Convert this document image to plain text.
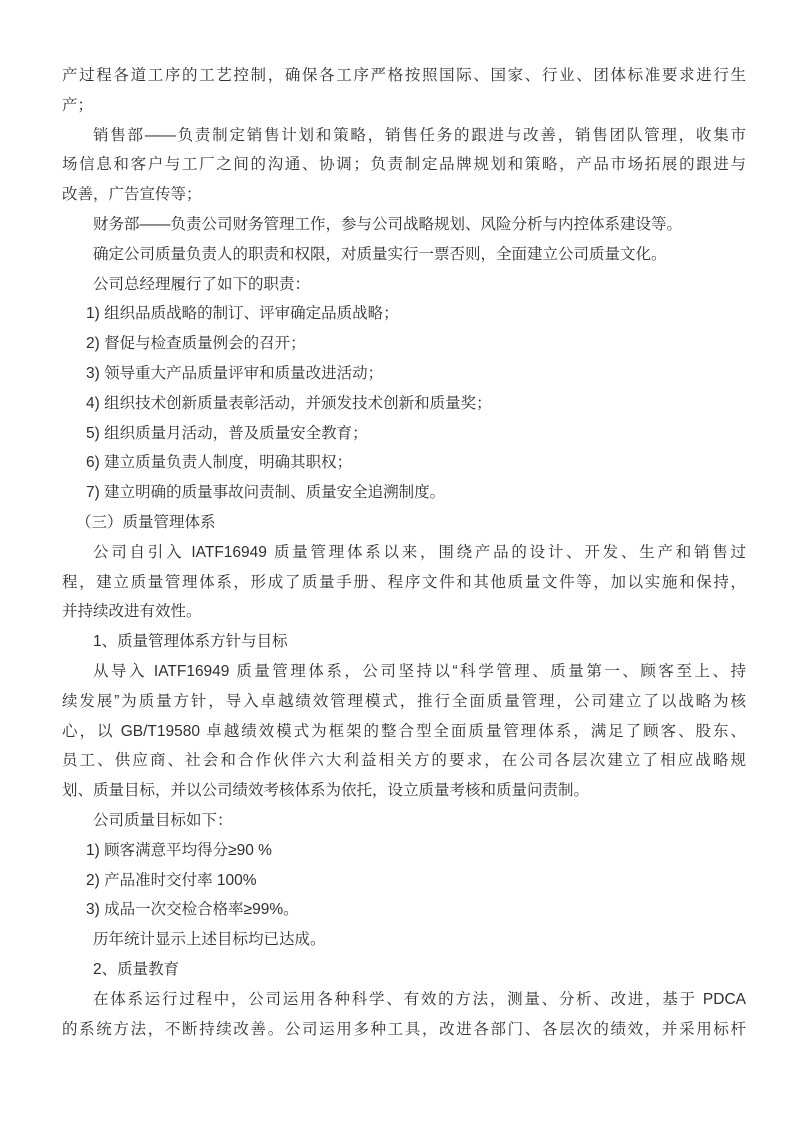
产过程各道工序的工艺控制，确保各工序严格按照国际、国家、行业、团体标准要求进行生
产；
销售部——负责制定销售计划和策略，销售任务的跟进与改善，销售团队管理，收集市
场信息和客户与工厂之间的沟通、协调；负责制定品牌规划和策略，产品市场拓展的跟进与
改善，广告宣传等；
财务部——负责公司财务管理工作，参与公司战略规划、风险分析与内控体系建设等。
确定公司质量负责人的职责和权限，对质量实行一票否则，全面建立公司质量文化。
公司总经理履行了如下的职责：
1) 组织品质战略的制订、评审确定品质战略；
2) 督促与检查质量例会的召开；
3) 领导重大产品质量评审和质量改进活动；
4) 组织技术创新质量表彰活动，并颁发技术创新和质量奖；
5) 组织质量月活动，普及质量安全教育；
6) 建立质量负责人制度，明确其职权；
7) 建立明确的质量事故问责制、质量安全追溯制度。
（三）质量管理体系
公司自引入 IATF16949 质量管理体系以来，围绕产品的设计、开发、生产和销售过
程，建立质量管理体系，形成了质量手册、程序文件和其他质量文件等，加以实施和保持，
并持续改进有效性。
1、质量管理体系方针与目标
从导入 IATF16949 质量管理体系，公司坚持以“科学管理、质量第一、顾客至上、持
续发展”为质量方针，导入卓越绩效管理模式，推行全面质量管理，公司建立了以战略为核
心，以 GB/T19580 卓越绩效模式为框架的整合型全面质量管理体系，满足了顾客、股东、
员工、供应商、社会和合作伙伴六大利益相关方的要求，在公司各层次建立了相应战略规
划、质量目标，并以公司绩效考核体系为依托，设立质量考核和质量问责制。
公司质量目标如下：
1) 顾客满意平均得分≥90 %
2) 产品准时交付率 100%
3) 成品一次交检合格率≥99%。
历年统计显示上述目标均已达成。
2、质量教育
在体系运行过程中，公司运用各种科学、有效的方法，测量、分析、改进，基于 PDCA
的系统方法，不断持续改善。公司运用多种工具，改进各部门、各层次的绩效，并采用标杆
